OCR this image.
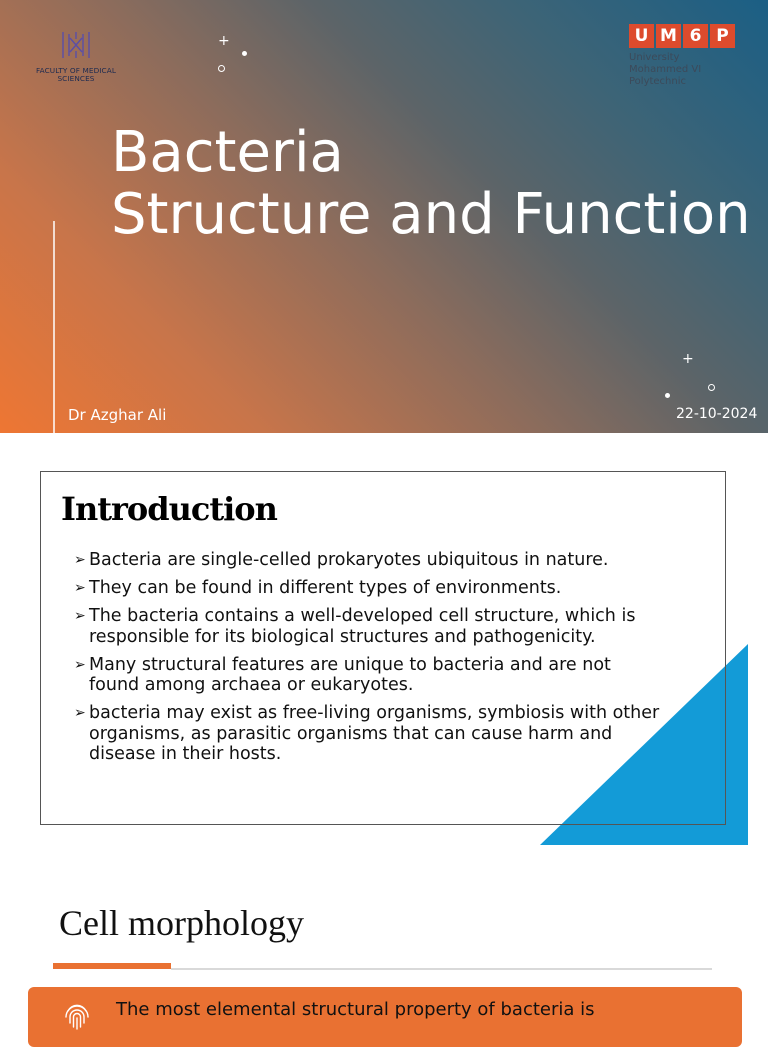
FACULTY OF MEDICAL
SCIENCES
U M 6 P
University
Mohammed VI
Polytechnic
+
+
Bacteria
Structure and Function
Dr Azghar Ali	22-10-2024
Introduction
➢ Bacteria are single-celled prokaryotes ubiquitous in nature.
➢ They can be found in different types of environments.
➢ The bacteria contains a well-developed cell structure, which is responsible for its biological structures and pathogenicity.
➢ Many structural features are unique to bacteria and are not found among archaea or eukaryotes.
➢ bacteria may exist as free-living organisms, symbiosis with other organisms, as parasitic organisms that can cause harm and disease in their hosts.
Cell morphology
The most elemental structural property of bacteria is
